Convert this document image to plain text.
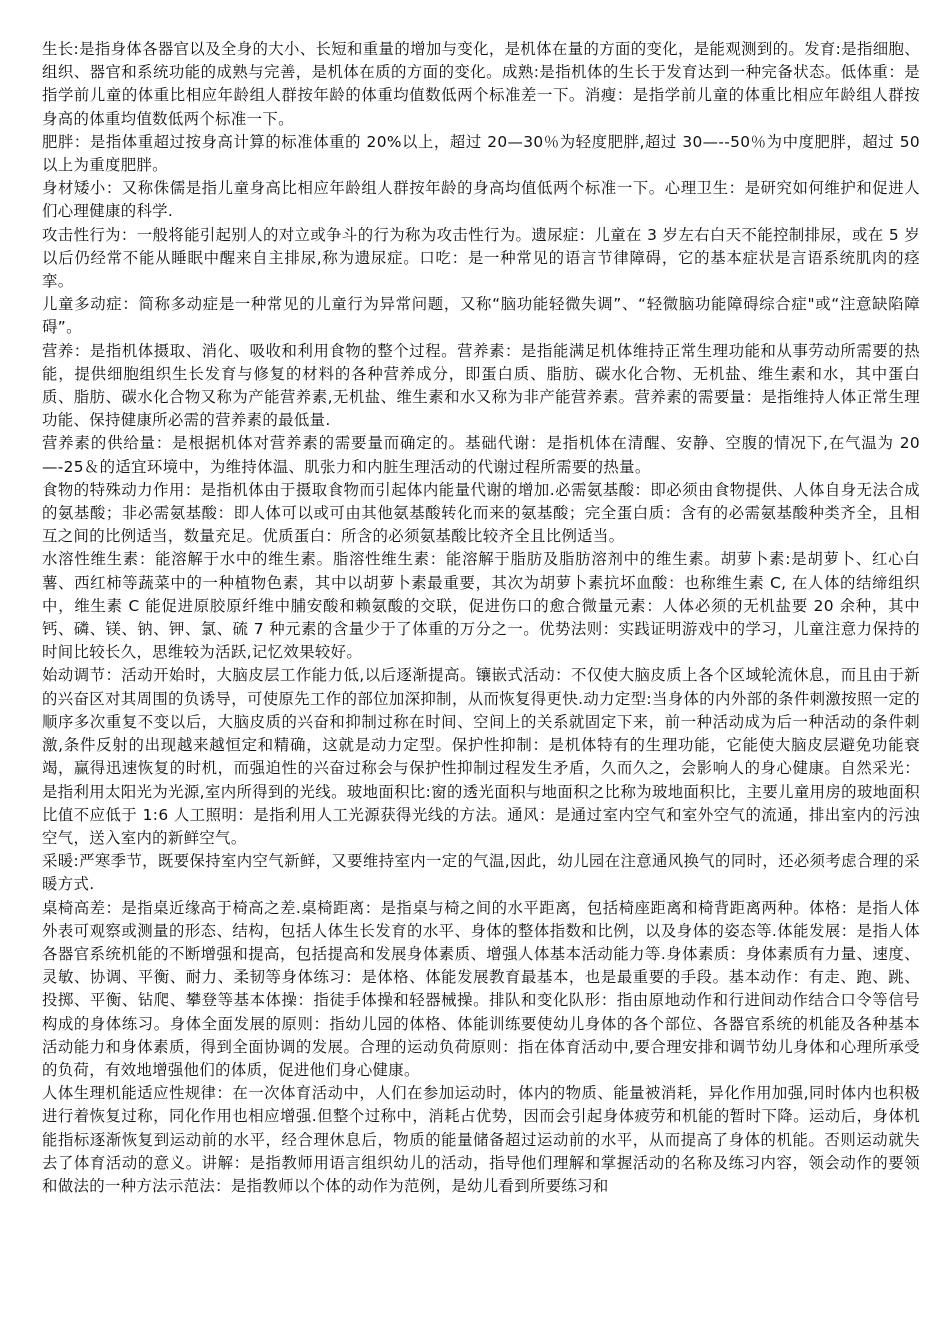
生长:是指身体各器官以及全身的大小、长短和重量的增加与变化，是机体在量的方面的变化，是能观测到的。发育:是指细胞、组织、器官和系统功能的成熟与完善，是机体在质的方面的变化。成熟:是指机体的生长于发育达到一种完备状态。低体重：是指学前儿童的体重比相应年龄组人群按年龄的体重均值数低两个标准差一下。消瘦：是指学前儿童的体重比相应年龄组人群按身高的体重均值数低两个标准一下。

肥胖：是指体重超过按身高计算的标准体重的 20%以上，超过 20—30％为轻度肥胖,超过 30—--50％为中度肥胖，超过 50 以上为重度肥胖。

身材矮小：又称侏儒是指儿童身高比相应年龄组人群按年龄的身高均值低两个标准一下。心理卫生：是研究如何维护和促进人们心理健康的科学.

攻击性行为：一般将能引起别人的对立或争斗的行为称为攻击性行为。遗尿症：儿童在 3 岁左右白天不能控制排尿，或在 5 岁以后仍经常不能从睡眠中醒来自主排尿,称为遗尿症。口吃：是一种常见的语言节律障碍，它的基本症状是言语系统肌肉的痉挛。

儿童多动症：简称多动症是一种常见的儿童行为异常问题，又称“脑功能轻微失调”、“轻微脑功能障碍综合症"或“注意缺陷障碍”。

营养：是指机体摄取、消化、吸收和利用食物的整个过程。营养素：是指能满足机体维持正常生理功能和从事劳动所需要的热能，提供细胞组织生长发育与修复的材料的各种营养成分，即蛋白质、脂肪、碳水化合物、无机盐、维生素和水，其中蛋白质、脂肪、碳水化合物又称为产能营养素,无机盐、维生素和水又称为非产能营养素。营养素的需要量：是指维持人体正常生理功能、保持健康所必需的营养素的最低量.

营养素的供给量：是根据机体对营养素的需要量而确定的。基础代谢：是指机体在清醒、安静、空腹的情况下,在气温为 20—-25＆的适宜环境中，为维持体温、肌张力和内脏生理活动的代谢过程所需要的热量。

食物的特殊动力作用：是指机体由于摄取食物而引起体内能量代谢的增加.必需氨基酸：即必须由食物提供、人体自身无法合成的氨基酸；非必需氨基酸：即人体可以或可由其他氨基酸转化而来的氨基酸；完全蛋白质：含有的必需氨基酸种类齐全，且相互之间的比例适当，数量充足。优质蛋白：所含的必须氨基酸比较齐全且比例适当。

水溶性维生素：能溶解于水中的维生素。脂溶性维生素：能溶解于脂肪及脂肪溶剂中的维生素。胡萝卜素:是胡萝卜、红心白薯、西红柿等蔬菜中的一种植物色素，其中以胡萝卜素最重要，其次为胡萝卜素抗坏血酸：也称维生素 C, 在人体的结缔组织中，维生素 C 能促进原胶原纤维中脯安酸和赖氨酸的交联，促进伤口的愈合微量元素：人体必须的无机盐要 20 余种，其中钙、磷、镁、钠、钾、氯、硫 7 种元素的含量少于了体重的万分之一。优势法则：实践证明游戏中的学习，儿童注意力保持的时间比较长久，思维较为活跃,记忆效果较好。

始动调节：活动开始时，大脑皮层工作能力低,以后逐渐提高。镶嵌式活动：不仅使大脑皮质上各个区域轮流休息，而且由于新的兴奋区对其周围的负诱导，可使原先工作的部位加深抑制，从而恢复得更快.动力定型:当身体的内外部的条件刺激按照一定的顺序多次重复不变以后，大脑皮质的兴奋和抑制过称在时间、空间上的关系就固定下来，前一种活动成为后一种活动的条件刺激,条件反射的出现越来越恒定和精确，这就是动力定型。保护性抑制：是机体特有的生理功能，它能使大脑皮层避免功能衰竭，赢得迅速恢复的时机，而强迫性的兴奋过称会与保护性抑制过程发生矛盾，久而久之，会影响人的身心健康。自然采光：是指利用太阳光为光源,室内所得到的光线。玻地面积比:窗的透光面积与地面积之比称为玻地面积比，主要儿童用房的玻地面积比值不应低于 1:6 人工照明：是指利用人工光源获得光线的方法。通风：是通过室内空气和室外空气的流通，排出室内的污浊空气，送入室内的新鲜空气。

采暖:严寒季节，既要保持室内空气新鲜，又要维持室内一定的气温,因此，幼儿园在注意通风换气的同时，还必须考虑合理的采暖方式.

桌椅高差：是指桌近缘高于椅高之差.桌椅距离：是指桌与椅之间的水平距离，包括椅座距离和椅背距离两种。体格：是指人体外表可观察或测量的形态、结构，包括人体生长发育的水平、身体的整体指数和比例，以及身体的姿态等.体能发展：是指人体各器官系统机能的不断增强和提高，包括提高和发展身体素质、增强人体基本活动能力等.身体素质：身体素质有力量、速度、灵敏、协调、平衡、耐力、柔韧等身体练习：是体格、体能发展教育最基本，也是最重要的手段。基本动作：有走、跑、跳、投掷、平衡、钻爬、攀登等基本体操：指徒手体操和轻器械操。排队和变化队形：指由原地动作和行进间动作结合口令等信号构成的身体练习。身体全面发展的原则：指幼儿园的体格、体能训练要使幼儿身体的各个部位、各器官系统的机能及各种基本活动能力和身体素质，得到全面协调的发展。合理的运动负荷原则：指在体育活动中,要合理安排和调节幼儿身体和心理所承受的负荷，有效地增强他们的体质，促进他们身心健康。

人体生理机能适应性规律：在一次体育活动中，人们在参加运动时，体内的物质、能量被消耗，异化作用加强,同时体内也积极进行着恢复过称，同化作用也相应增强.但整个过称中，消耗占优势，因而会引起身体疲劳和机能的暂时下降。运动后，身体机能指标逐渐恢复到运动前的水平，经合理休息后，物质的能量储备超过运动前的水平，从而提高了身体的机能。否则运动就失去了体育活动的意义。讲解：是指教师用语言组织幼儿的活动，指导他们理解和掌握活动的名称及练习内容，领会动作的要领和做法的一种方法示范法：是指教师以个体的动作为范例，是幼儿看到所要练习和
